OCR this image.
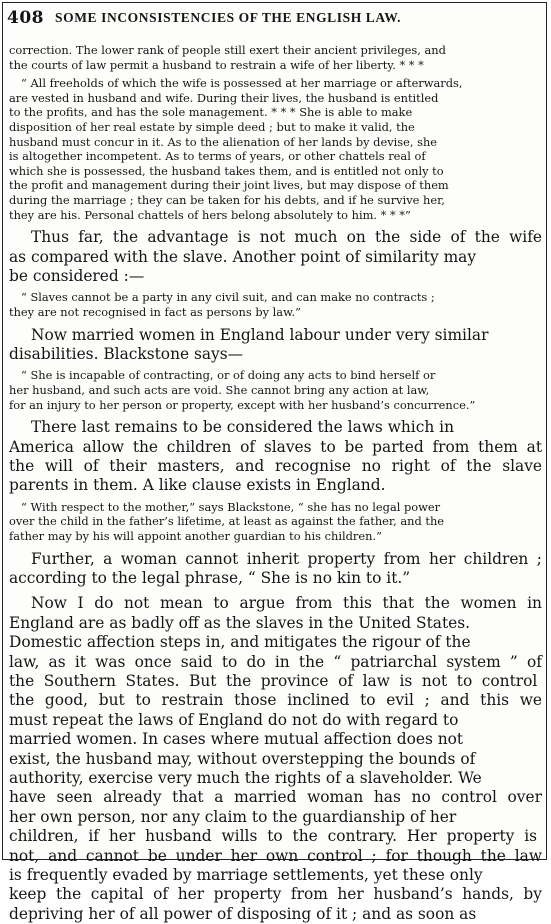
408 SOME INCONSISTENCIES OF THE ENGLISH LAW.
correction. The lower rank of people still exert their ancient privileges, and
the courts of law permit a husband to restrain a wife of her liberty. * * *
“ All freeholds of which the wife is possessed at her marriage or afterwards,
are vested in husband and wife. During their lives, the husband is entitled
to the profits, and has the sole management. * * * She is able to make
disposition of her real estate by simple deed ; but to make it valid, the
husband must concur in it. As to the alienation of her lands by devise, she
is altogether incompetent. As to terms of years, or other chattels real of
which she is possessed, the husband takes them, and is entitled not only to
the profit and management during their joint lives, but may dispose of them
during the marriage ; they can be taken for his debts, and if he survive her,
they are his. Personal chattels of hers belong absolutely to him. * * *”
Thus far, the advantage is not much on the side of the wife
as compared with the slave. Another point of similarity may
be considered :—
“ Slaves cannot be a party in any civil suit, and can make no contracts ;
they are not recognised in fact as persons by law.”
Now married women in England labour under very similar
disabilities. Blackstone says—
“ She is incapable of contracting, or of doing any acts to bind herself or
her husband, and such acts are void. She cannot bring any action at law,
for an injury to her person or property, except with her husband’s concurrence.”
There last remains to be considered the laws which in
America allow the children of slaves to be parted from them at
the will of their masters, and recognise no right of the slave
parents in them. A like clause exists in England.
“ With respect to the mother,” says Blackstone, “ she has no legal power
over the child in the father’s lifetime, at least as against the father, and the
father may by his will appoint another guardian to his children.”
Further, a woman cannot inherit property from her children ;
according to the legal phrase, “ She is no kin to it.”
Now I do not mean to argue from this that the women in
England are as badly off as the slaves in the United States.
Domestic affection steps in, and mitigates the rigour of the
law, as it was once said to do in the “ patriarchal system ” of
the Southern States. But the province of law is not to control
the good, but to restrain those inclined to evil ; and this we
must repeat the laws of England do not do with regard to
married women. In cases where mutual affection does not
exist, the husband may, without overstepping the bounds of
authority, exercise very much the rights of a slaveholder. We
have seen already that a married woman has no control over
her own person, nor any claim to the guardianship of her
children, if her husband wills to the contrary. Her property is
not, and cannot be under her own control ; for though the law
is frequently evaded by marriage settlements, yet these only
keep the capital of her property from her husband’s hands, by
depriving her of all power of disposing of it ; and as soon as
